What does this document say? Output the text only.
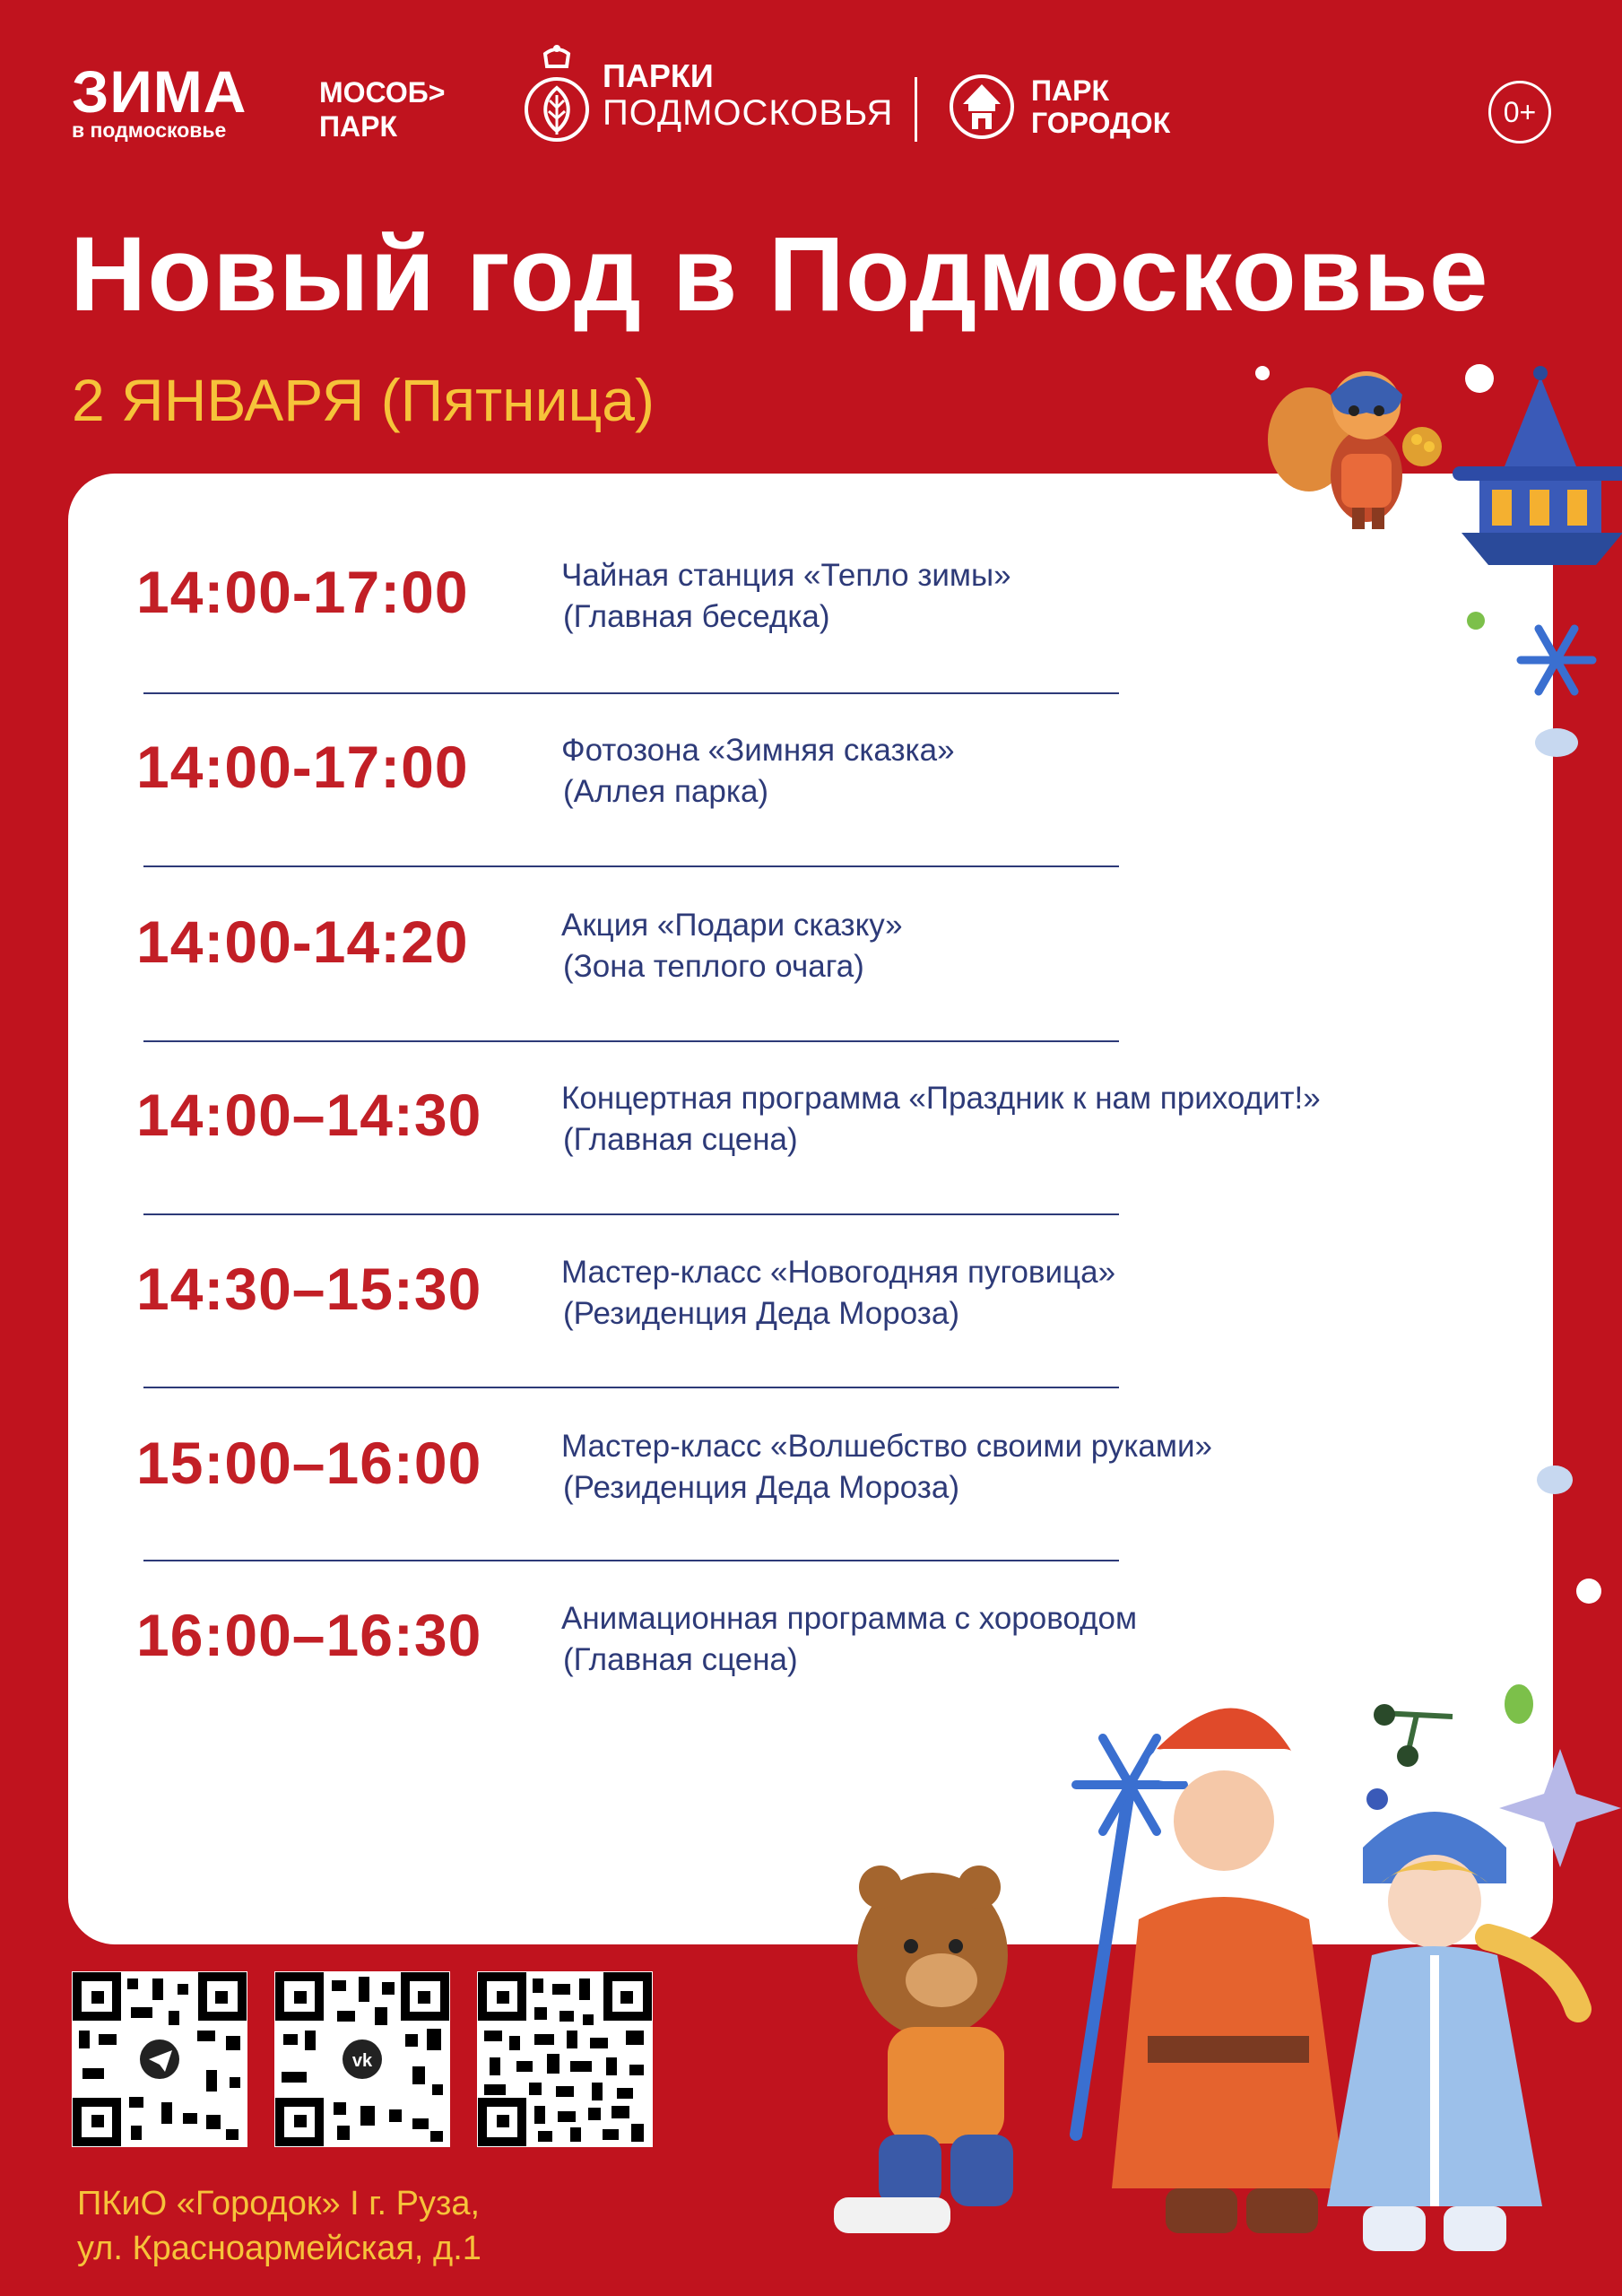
ЗИМА
в подмосковье
МОСОБ>
ПАРК
ПАРКИ
ПОДМОСКОВЬЯ
ПАРК
ГОРОДОК	0+
Новый год в Подмосковье
2 ЯНВАРЯ (Пятница)
14:00-17:00	Чайная станция «Тепло зимы»
(Главная беседка)
14:00-17:00	Фотозона «Зимняя сказка»
(Аллея парка)
14:00-14:20	Акция «Подари сказку»
(Зона теплого очага)
14:00–14:30	Концертная программа «Праздник к нам приходит!»
(Главная сцена)
14:30–15:30	Мастер-класс «Новогодняя пуговица»
(Резиденция Деда Мороза)
15:00–16:00	Мастер-класс «Волшебство своими руками»
(Резиденция Деда Мороза)
16:00–16:30	Анимационная программа с хороводом
(Главная сцена)
vk
ПКиО «Городок» I г. Руза,
ул. Красноармейская, д.1
